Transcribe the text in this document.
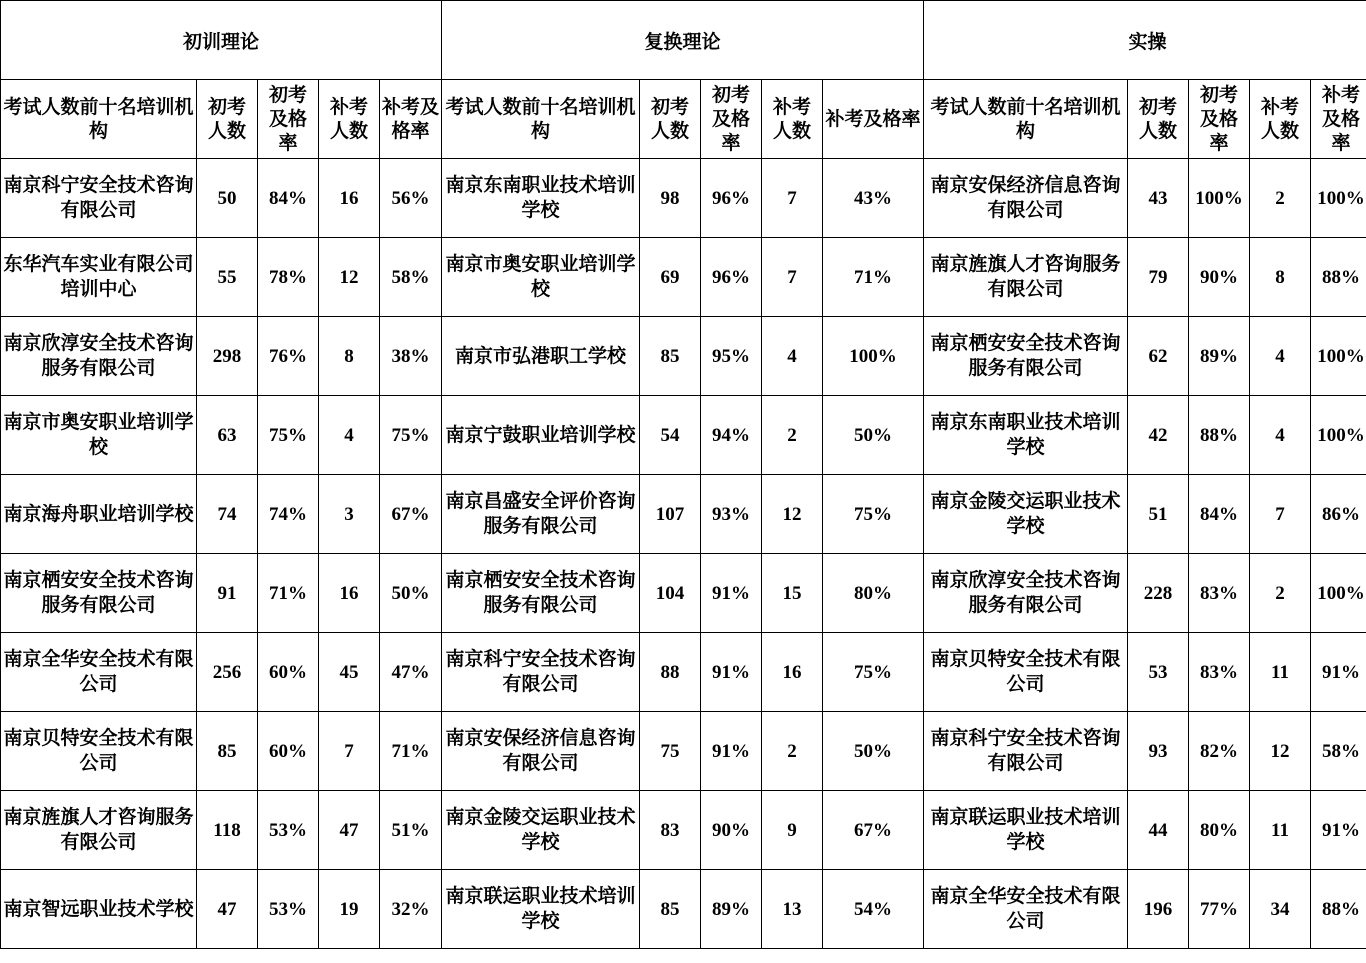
初训理论					复换理论					实操				
考试人数前十名培训机构	初考人数	初考及格率	补考人数	补考及格率	考试人数前十名培训机构	初考人数	初考及格率	补考人数	补考及格率	考试人数前十名培训机构	初考人数	初考及格率	补考人数	补考及格率
南京科宁安全技术咨询有限公司	50	84%	16	56%	南京东南职业技术培训学校	98	96%	7	43%	南京安保经济信息咨询有限公司	43	100%	2	100%
东华汽车实业有限公司培训中心	55	78%	12	58%	南京市奥安职业培训学校	69	96%	7	71%	南京旌旗人才咨询服务有限公司	79	90%	8	88%
南京欣淳安全技术咨询服务有限公司	298	76%	8	38%	南京市弘港职工学校	85	95%	4	100%	南京栖安安全技术咨询服务有限公司	62	89%	4	100%
南京市奥安职业培训学校	63	75%	4	75%	南京宁鼓职业培训学校	54	94%	2	50%	南京东南职业技术培训学校	42	88%	4	100%
南京海舟职业培训学校	74	74%	3	67%	南京昌盛安全评价咨询服务有限公司	107	93%	12	75%	南京金陵交运职业技术学校	51	84%	7	86%
南京栖安安全技术咨询服务有限公司	91	71%	16	50%	南京栖安安全技术咨询服务有限公司	104	91%	15	80%	南京欣淳安全技术咨询服务有限公司	228	83%	2	100%
南京全华安全技术有限公司	256	60%	45	47%	南京科宁安全技术咨询有限公司	88	91%	16	75%	南京贝特安全技术有限公司	53	83%	11	91%
南京贝特安全技术有限公司	85	60%	7	71%	南京安保经济信息咨询有限公司	75	91%	2	50%	南京科宁安全技术咨询有限公司	93	82%	12	58%
南京旌旗人才咨询服务有限公司	118	53%	47	51%	南京金陵交运职业技术学校	83	90%	9	67%	南京联运职业技术培训学校	44	80%	11	91%
南京智远职业技术学校	47	53%	19	32%	南京联运职业技术培训学校	85	89%	13	54%	南京全华安全技术有限公司	196	77%	34	88%
